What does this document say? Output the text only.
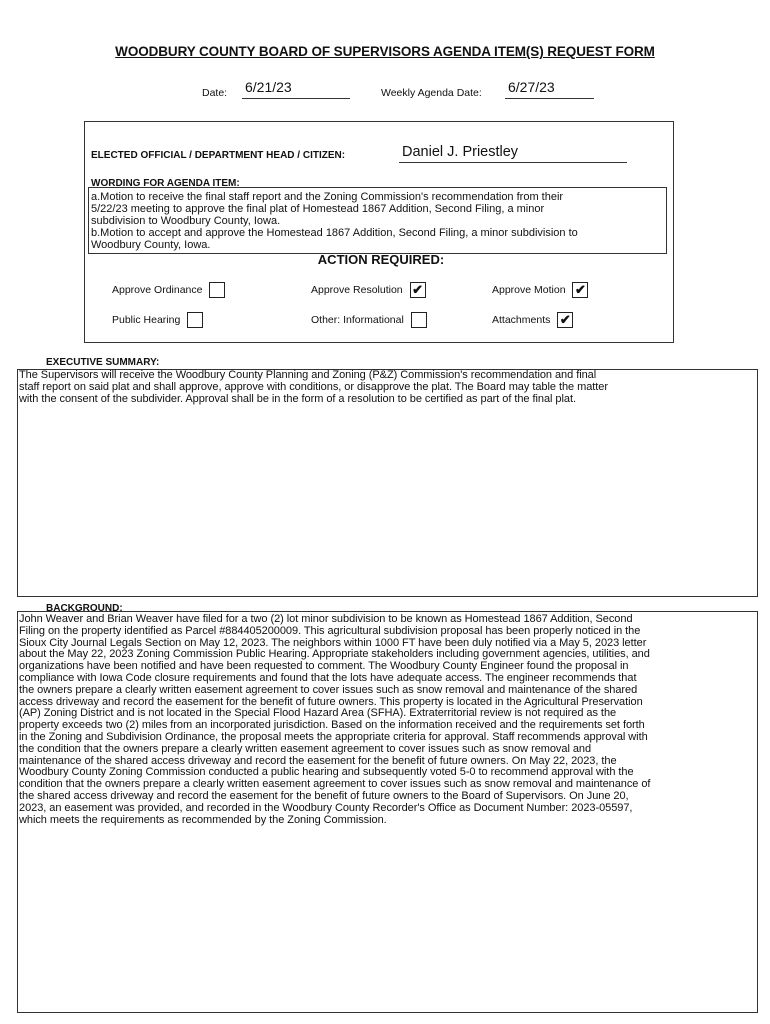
WOODBURY COUNTY BOARD OF SUPERVISORS AGENDA ITEM(S) REQUEST FORM
Date: 6/21/23	Weekly Agenda Date: 6/27/23
ELECTED OFFICIAL / DEPARTMENT HEAD / CITIZEN:	Daniel J. Priestley
WORDING FOR AGENDA ITEM:
a.Motion to receive the final staff report and the Zoning Commission's recommendation from their
5/22/23 meeting to approve the final plat of Homestead 1867 Addition, Second Filing, a minor
subdivision to Woodbury County, Iowa.
b.Motion to accept and approve the Homestead 1867 Addition, Second Filing, a minor subdivision to
Woodbury County, Iowa.
ACTION REQUIRED:
Approve Ordinance	Approve Resolution ✔	Approve Motion ✔
Public Hearing	Other: Informational	Attachments ✔
EXECUTIVE SUMMARY:
The Supervisors will receive the Woodbury County Planning and Zoning (P&Z) Commission's recommendation and final
staff report on said plat and shall approve, approve with conditions, or disapprove the plat. The Board may table the matter
with the consent of the subdivider. Approval shall be in the form of a resolution to be certified as part of the final plat.
BACKGROUND:
John Weaver and Brian Weaver have filed for a two (2) lot minor subdivision to be known as Homestead 1867 Addition, Second
Filing on the property identified as Parcel #884405200009. This agricultural subdivision proposal has been properly noticed in the
Sioux City Journal Legals Section on May 12, 2023. The neighbors within 1000 FT have been duly notified via a May 5, 2023 letter
about the May 22, 2023 Zoning Commission Public Hearing. Appropriate stakeholders including government agencies, utilities, and
organizations have been notified and have been requested to comment. The Woodbury County Engineer found the proposal in
compliance with Iowa Code closure requirements and found that the lots have adequate access. The engineer recommends that
the owners prepare a clearly written easement agreement to cover issues such as snow removal and maintenance of the shared
access driveway and record the easement for the benefit of future owners. This property is located in the Agricultural Preservation
(AP) Zoning District and is not located in the Special Flood Hazard Area (SFHA). Extraterritorial review is not required as the
property exceeds two (2) miles from an incorporated jurisdiction. Based on the information received and the requirements set forth
in the Zoning and Subdivision Ordinance, the proposal meets the appropriate criteria for approval. Staff recommends approval with
the condition that the owners prepare a clearly written easement agreement to cover issues such as snow removal and
maintenance of the shared access driveway and record the easement for the benefit of future owners. On May 22, 2023, the
Woodbury County Zoning Commission conducted a public hearing and subsequently voted 5-0 to recommend approval with the
condition that the owners prepare a clearly written easement agreement to cover issues such as snow removal and maintenance of
the shared access driveway and record the easement for the benefit of future owners to the Board of Supervisors. On June 20,
2023, an easement was provided, and recorded in the Woodbury County Recorder's Office as Document Number: 2023-05597,
which meets the requirements as recommended by the Zoning Commission.
